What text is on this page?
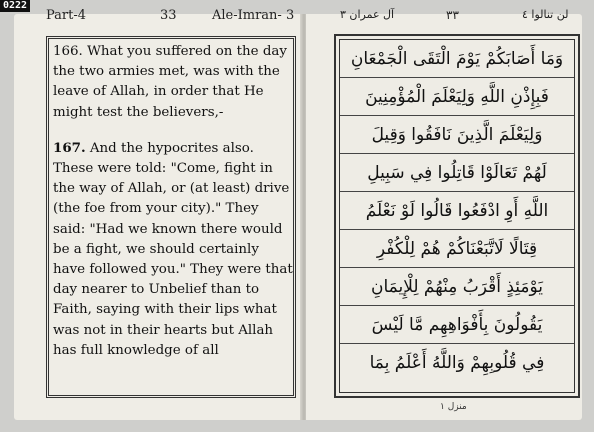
0222
Part-4	33	Ale-Imran- 3

166. What you suffered on the day the two armies met, was with the leave of Allah, in order that He might test the believers,-

167. And the hypocrites also. These were told: "Come, fight in the way of Allah, or (at least) drive (the foe from your city)." They said: "Had we known there would be a fight, we should certainly have followed you." They were that day nearer to Unbelief than to Faith, saying with their lips what was not in their hearts but Allah has full knowledge of all

آل عمران ٣	٣٣	لن تنالوا ٤
وَمَا أَصَابَكُمْ يَوْمَ الْتَقَى الْجَمْعَانِ
فَبِإِذْنِ اللَّهِ وَلِيَعْلَمَ الْمُؤْمِنِينَ
وَلِيَعْلَمَ الَّذِينَ نَافَقُوا وَقِيلَ
لَهُمْ تَعَالَوْا قَاتِلُوا فِي سَبِيلِ
اللَّهِ أَوِ ادْفَعُوا قَالُوا لَوْ نَعْلَمُ
قِتَالًا لَاتَّبَعْنَاكُمْ هُمْ لِلْكُفْرِ
يَوْمَئِذٍ أَقْرَبُ مِنْهُمْ لِلْإِيمَانِ
يَقُولُونَ بِأَفْوَاهِهِم مَّا لَيْسَ
فِي قُلُوبِهِمْ وَاللَّهُ أَعْلَمُ بِمَا
منزل ١
